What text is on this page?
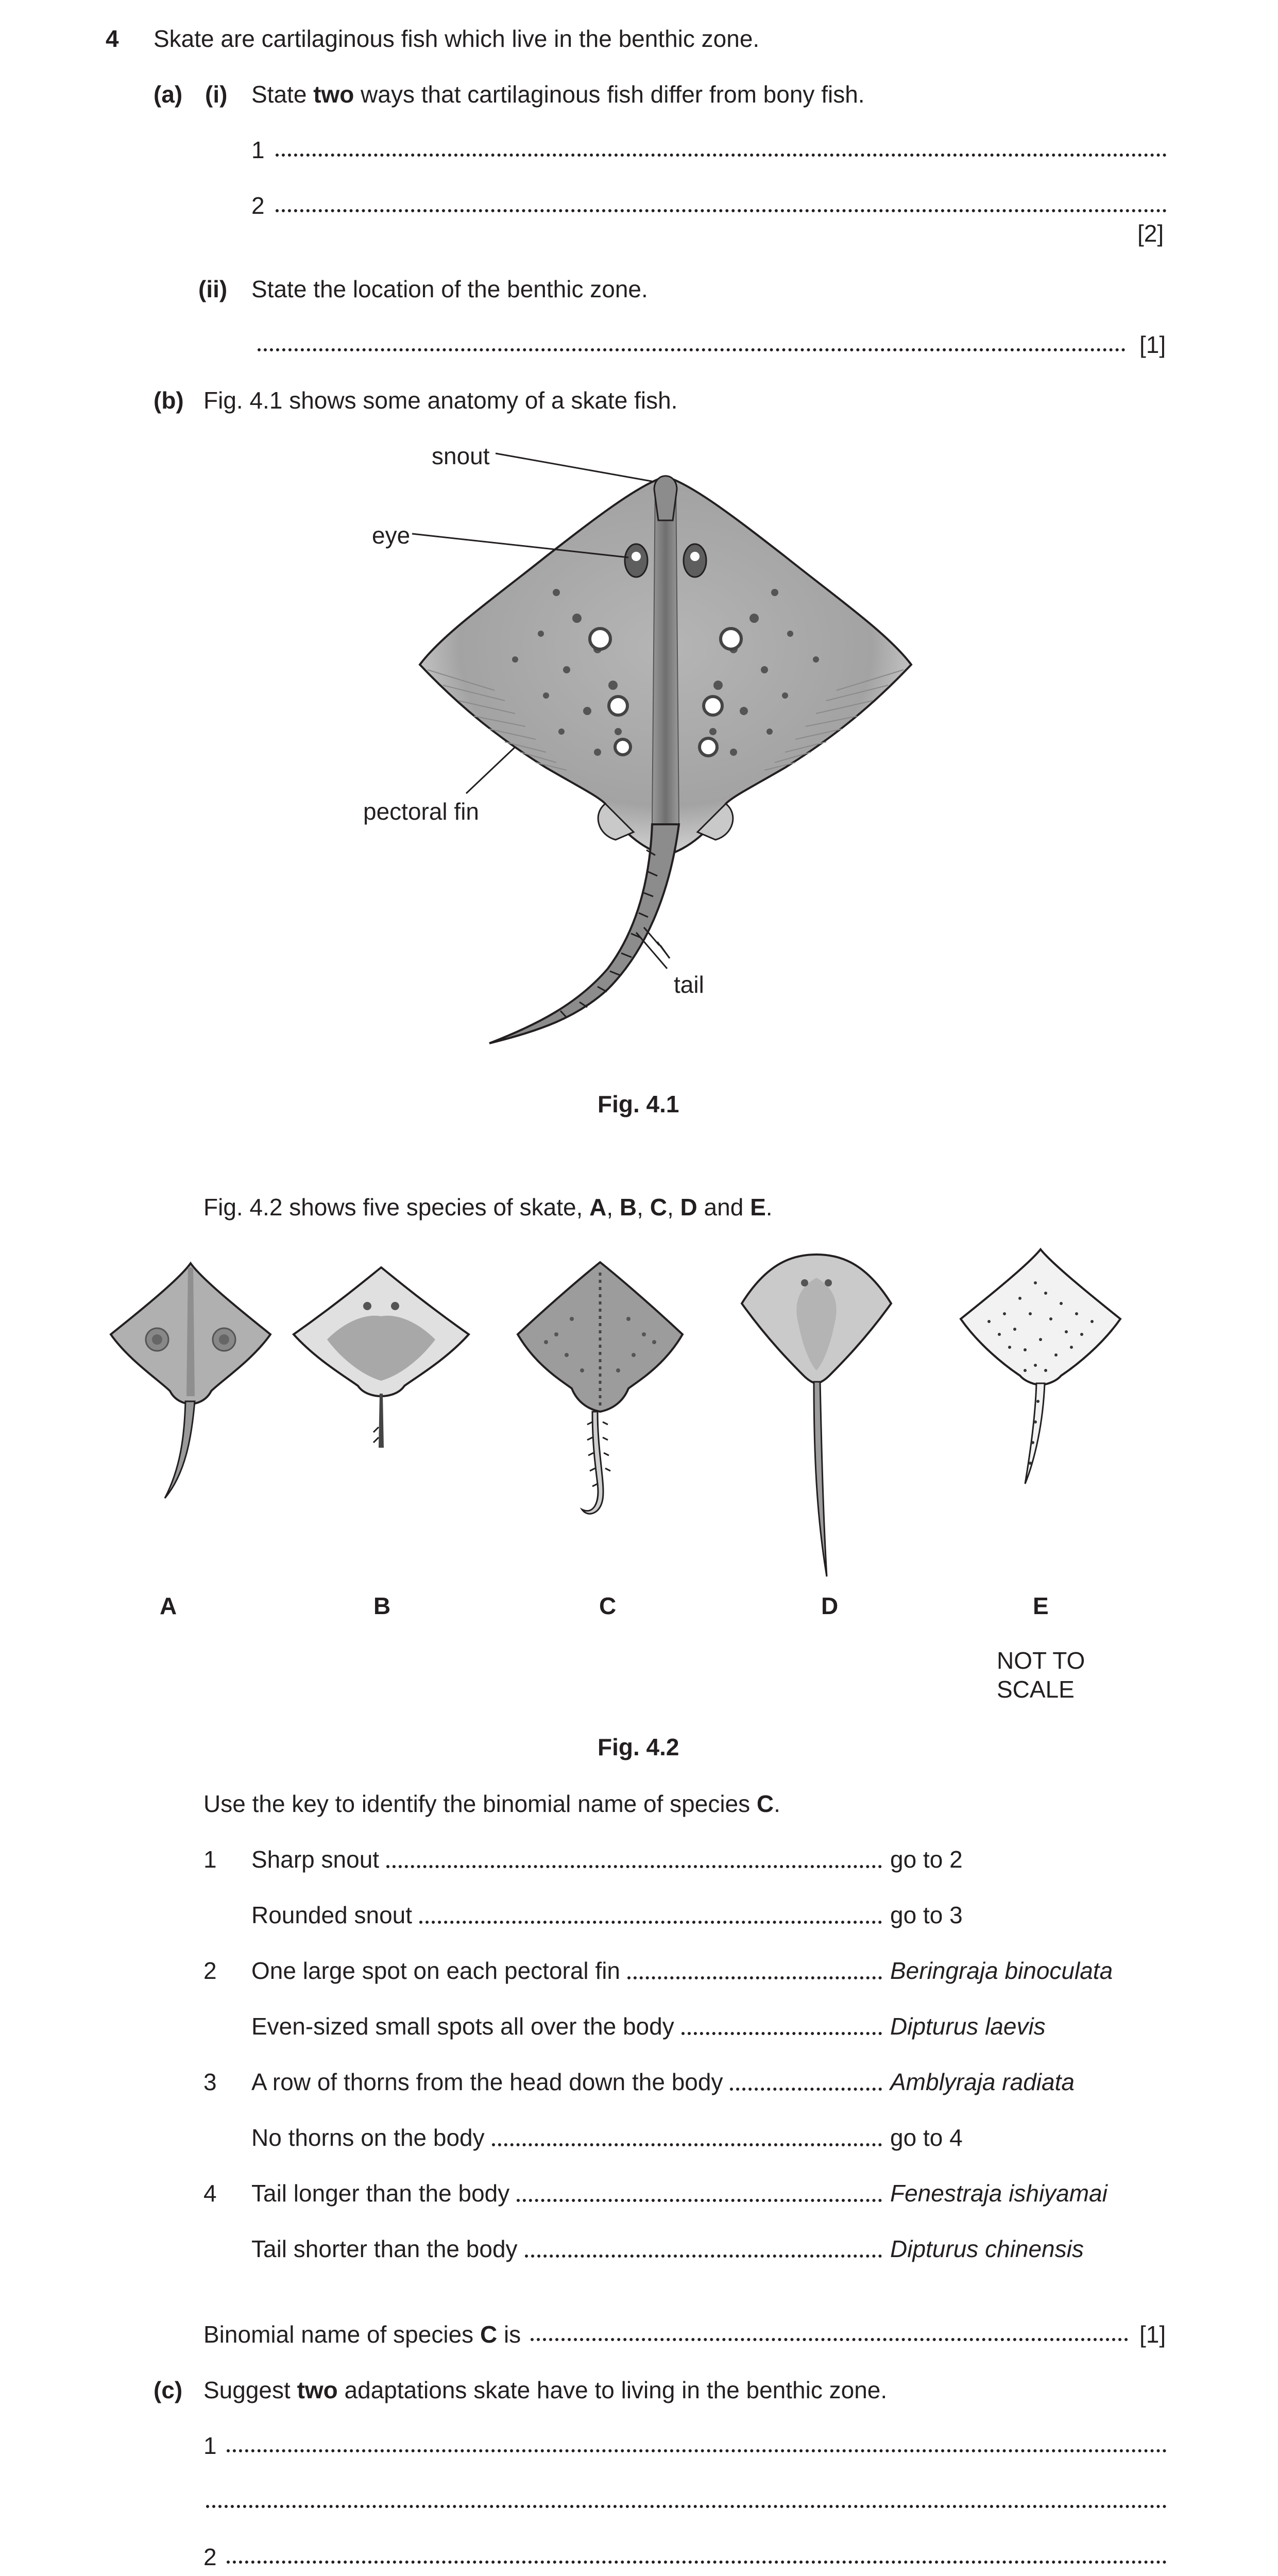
4 Skate are cartilaginous fish which live in the benthic zone.
(a) (i) State two ways that cartilaginous fish differ from bony fish.
1
2
[2]
(ii) State the location of the benthic zone.
[1]
(b) Fig. 4.1 shows some anatomy of a skate fish.
snout
eye
pectoral fin
tail
Fig. 4.1
Fig. 4.2 shows five species of skate, A, B, C, D and E.
A	B	C	D	E
NOT TO
SCALE
Fig. 4.2
Use the key to identify the binomial name of species C.
1 Sharp snout	go to 2
Rounded snout	go to 3
2 One large spot on each pectoral fin	Beringraja binoculata
Even-sized small spots all over the body	Dipturus laevis
3 A row of thorns from the head down the body	Amblyraja radiata
No thorns on the body	go to 4
4 Tail longer than the body	Fenestraja ishiyamai
Tail shorter than the body	Dipturus chinensis
Binomial name of species C is	[1]
(c) Suggest two adaptations skate have to living in the benthic zone.
1
2
